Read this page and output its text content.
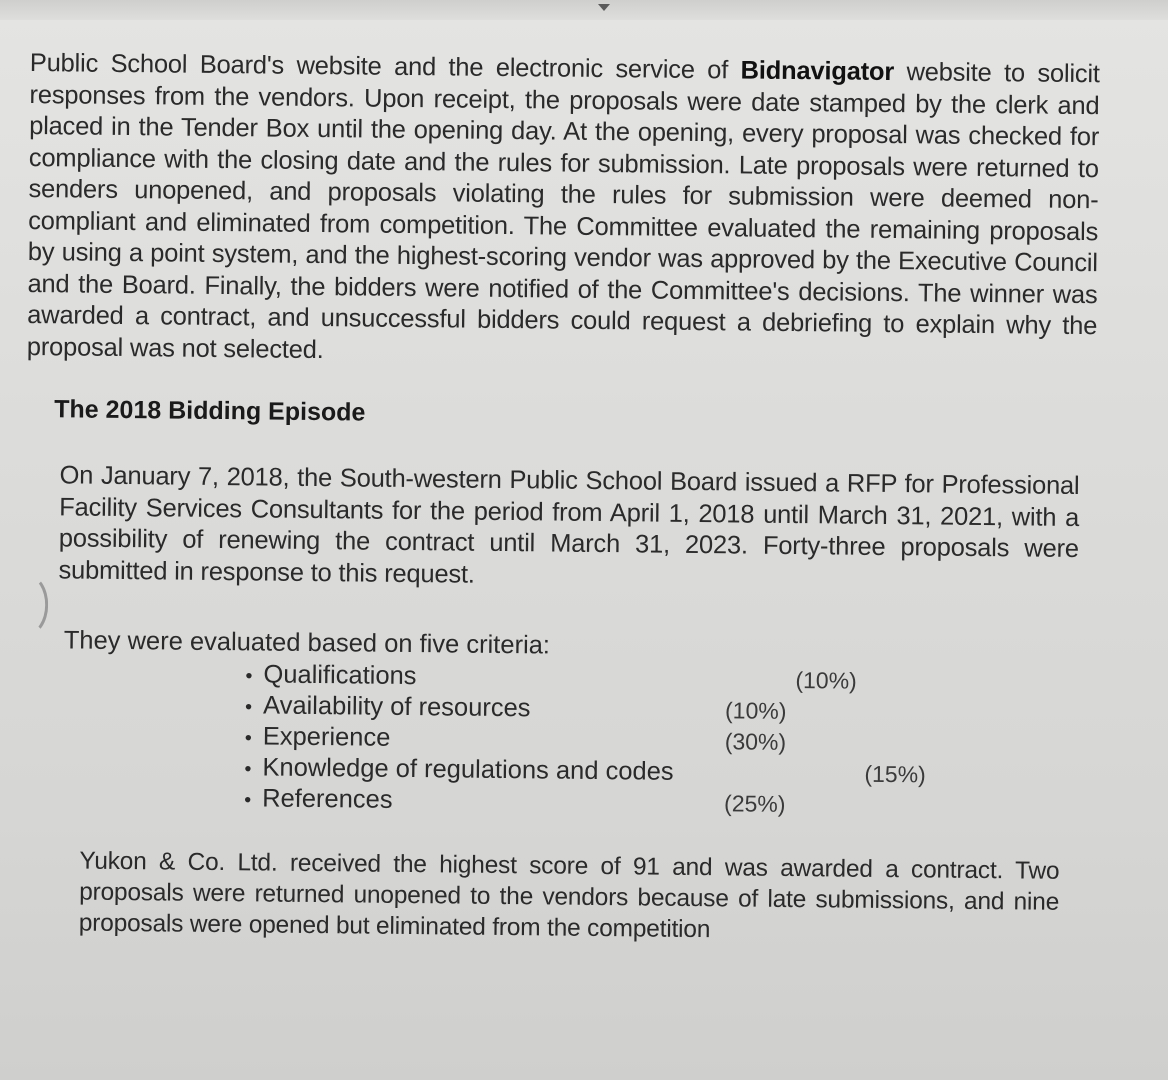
Public School Board's website and the electronic service of Bidnavigator website to solicit responses from the vendors. Upon receipt, the proposals were date stamped by the clerk and placed in the Tender Box until the opening day. At the opening, every proposal was checked for compliance with the closing date and the rules for submission. Late proposals were returned to senders unopened, and proposals violating the rules for submission were deemed non-compliant and eliminated from competition. The Committee evaluated the remaining proposals by using a point system, and the highest-scoring vendor was approved by the Executive Council and the Board. Finally, the bidders were notified of the Committee's decisions. The winner was awarded a contract, and unsuccessful bidders could request a debriefing to explain why the proposal was not selected.

The 2018 Bidding Episode

On January 7, 2018, the South-western Public School Board issued a RFP for Professional Facility Services Consultants for the period from April 1, 2018 until March 31, 2021, with a possibility of renewing the contract until March 31, 2023. Forty-three proposals were submitted in response to this request.

They were evaluated based on five criteria:
• Qualifications	(10%)
• Availability of resources	(10%)
• Experience	(30%)
• Knowledge of regulations and codes	(15%)
• References	(25%)

Yukon & Co. Ltd. received the highest score of 91 and was awarded a contract. Two proposals were returned unopened to the vendors because of late submissions, and nine proposals were opened but eliminated from the competition
